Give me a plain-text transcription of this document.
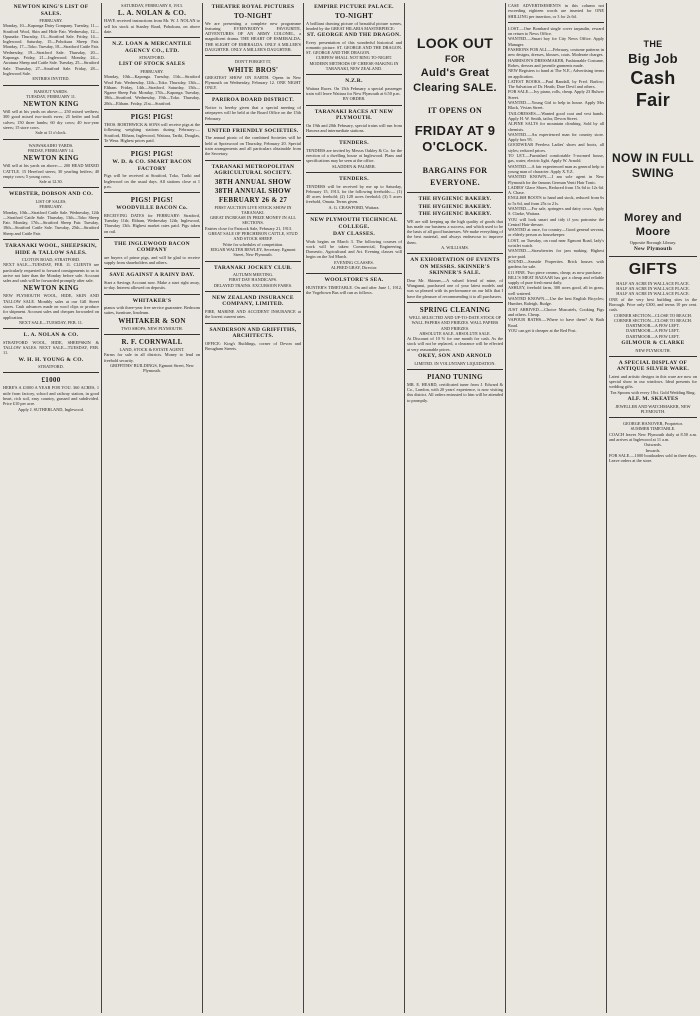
NEWTON KING'S LIST OF SALES.
FEBRUARY.

Monday, 10—Kaponga Dairy Company. Tuesday, 11—Stratford Wool, Skin and Hide Fair. Wednesday, 12—Opunake. Thursday, 13—Stratford Sale. Friday, 14—Inglewood. Saturday, 15—Pohokura Sheep Fair. Monday, 17—Toko. Tuesday, 18—Stratford Cattle Fair. Wednesday, 19—Stratford Sale. Thursday, 20—Kaponga. Friday, 21—Inglewood. Monday, 24—Awatuna Sheep and Cattle Sale. Tuesday, 25—Stratford Sale. Thursday, 27—Stratford Sale. Friday, 28—Inglewood Sale.

ENTRIES INVITED.

BAROUT YARDS.
TUESDAY, FEBRUARY 11.
NEWTON KING

Will sell at his yards on above:— 250 mixed wethers; 300 good mixed two-tooth ewes; 25 heifer and bull calves; 150 three lambs; 60 dry cows; 40 two-year steers; 15 store cows.

Sale at 11 o'clock.

WAIWAKAIHO YARDS.
FRIDAY, FEBRUARY 14.
NEWTON KING

Will sell at his yards on above:— 200 HEAD MIXED CATTLE. 15 Hereford steers; 30 yearling heifers; 40 empty cows; 5 young cows.

Sale at 12.30.

WEBSTER, DOBSON AND CO.
LIST OF SALES.
FEBRUARY.

Monday, 10th—Stratford Cattle Sale. Wednesday, 12th—Stratford Cattle Sale. Thursday, 13th—Toko Sheep Fair. Monday, 17th—Stratford Sheep Fair. Tuesday, 18th—Stratford Cattle Sale. Tuesday, 25th—Stratford Sheep and Cattle Fair.

TARANAKI WOOL, SHEEPSKIN, HIDE & TALLOW SALES.
CLOTON ROAD, STRATFORD.

NEXT SALE—TUESDAY, FEB. 11. CLIENTS are particularly requested to forward consignments to us to arrive not later than the Monday before sale. Account sales and cash will be forwarded promptly after sale.

NEWTON KING

NEW PLYMOUTH WOOL, HIDE, SKIN AND TALLOW SALE. Monthly sales at our Gill Street stores. Cash advances made on wool clips or produce for shipment. Account sales and cheques forwarded on application.

NEXT SALE—TUESDAY, FEB. 11.

L. A. NOLAN & CO.

STRATFORD WOOL, HIDE, SHEEPSKIN & TALLOW SALES. NEXT SALE—TUESDAY, FEB. 11.

W. H. H. YOUNG & CO.
STRATFORD.
£1000

HERE'S A £1000 A YEAR FOR YOU. 360 ACRES, 1 mile from factory, school and railway station, in good heart, rich soil, easy country, grassed and subdivided. Price £10 per acre.

Apply J. SUTHERLAND, Inglewood.

SATURDAY, FEBRUARY 8, 1913.
L. A. NOLAN & CO.

HAVE received instructions from Mr. W. J. NOLAN to sell his stock at Stanley Road, Pohokura, on above date.

N.Z. LOAN & MERCANTILE AGENCY CO., LTD.
STRATFORD.
LIST OF STOCK SALES
FEBRUARY.

Monday, 10th—Kaponga. Tuesday, 11th—Stratford Wool Fair. Wednesday, 12th—Toko. Thursday, 13th—Eltham. Friday, 14th—Stratford. Saturday, 15th—Ngaere Sheep Fair. Monday, 17th—Kaponga. Tuesday, 18th—Stratford. Wednesday, 19th—Toko. Thursday, 20th—Eltham. Friday, 21st—Stratford.

PIGS! PIGS!

THOS. BORTHWICK & SONS will receive pigs at the following weighing stations during February:— Stratford, Eltham, Inglewood, Waitara, Tariki, Douglas, Te Wera. Highest prices paid.

PIGS! PIGS!
W. D. & CO. SMART BACON FACTORY

Pigs will be received at Stratford, Toko, Tariki and Inglewood on the usual days. All stations close at 1 p.m.

PIGS! PIGS!
WOODVILLE BACON Co.

RECEIVING DATES for FEBRUARY: Stratford, Tuesday 11th; Eltham, Wednesday 12th; Inglewood, Thursday 13th. Highest market rates paid. Pigs taken on rail.

THE INGLEWOOD BACON COMPANY

are buyers of prime pigs, and will be glad to receive supply from shareholders and others.

SAVE AGAINST A RAINY DAY.

Start a Savings Account now. Make a start right away, to-day. Interest allowed on deposits.

WHITAKER'S

pianos with three-year free service guarantee. Bedroom suites, furniture, linoleum.

WHITAKER & SON
TWO SHOPS, NEW PLYMOUTH.
R. F. CORNWALL
LAND, STOCK & ESTATE AGENT.

Farms for sale in all districts. Money to lend on freehold security.

GRIFFITHS' BUILDINGS, Egmont Street, New Plymouth.

THEATRE ROYAL PICTURES
TO-NIGHT

We are presenting a complete new programme featuring EVERYBODY'S FAVOURITE, ADVENTURES OF AN ARMY COLONEL, a magnificent drama. THE HEART OF ESMERALDA. THE SLIGHT OF EMERALDA. ONLY A MILLER'S DAUGHTER. ONLY A MILLER'S DAUGHTER.

DON'T FORGET IT,
WHITE BROS'

GREATEST SHOW ON EARTH. Opens in New Plymouth on Wednesday, February 12. ONE NIGHT ONLY.

PARIROA BOARD DISTRICT.

Notice is hereby given that a special meeting of ratepayers will be held at the Board Office on the 15th February.

UNITED FRIENDLY SOCIETIES.

The annual picnic of the combined Societies will be held at Spotswood on Thursday, February 20. Special train arrangements and all particulars obtainable from the Secretary.

TARANAKI METROPOLITAN AGRICULTURAL SOCIETY.
38TH ANNUAL SHOW
38TH ANNUAL SHOW
FEBRUARY 26 & 27

FIRST AUCTION LIVE STOCK SHOW IN TARANAKI.

GREAT INCREASE IN PRIZE MONEY IN ALL SECTIONS.

Entries close for Fatstock Sale, February 21, 1913.

GREAT SALE OF PERCHERON CATTLE, STUD AND STOCK SHEEP.

Write for schedules of competition.

EDGAR WALTER BEWLEY, Secretary. Egmont Street, New Plymouth.

TARANAKI JOCKEY CLUB.
AUTUMN MEETING.
FIRST DAY HANDICAPS.

DELAYED TRAINS. EXCURSION FARES.

NEW ZEALAND INSURANCE COMPANY, LIMITED.

FIRE, MARINE AND ACCIDENT INSURANCE at the lowest current rates.

SANDERSON AND GRIFFITHS, ARCHITECTS.

OFFICE: King's Buildings, corner of Devon and Brougham Streets.

EMPIRE PICTURE PALACE.
TO-NIGHT

A brilliant drawing picture of beautiful picture scenes, headed by the GREAT HILARIA MASTERPIECE:

ST. GEORGE AND THE DRAGON.

Every presentation of this wonderful historical and romantic picture. ST. GEORGE AND THE DRAGON. ST. GEORGE AND THE DRAGON.

CURFEW SHALL NOT RING TO-NIGHT.

MODERN METHODS OF CHEESE-MAKING IN TARANAKI, NEW ZEALAND.

N.Z.R.

Waitara Races. On 15th February a special passenger train will leave Waitara for New Plymouth at 6.50 p.m.

BY ORDER.

TARANAKI RACES AT NEW PLYMOUTH.

On 19th and 20th February, special trains will run from Hawera and intermediate stations.

TENDERS.

TENDERS are invited by Messrs Oakley & Co. for the erection of a dwelling house at Inglewood. Plans and specifications may be seen at the office.

SLADDEN & PALMER.

TENDERS.

TENDERS will be received by me up to Saturday, February 15, 1913, for the following freeholds:— (1) 40 acres freehold; (2) 128 acres freehold; (3) 5 acres freehold, Omata. Terms given.

A. G. CRAWFORD, Waitara.

NEW PLYMOUTH TECHNICAL COLLEGE.
DAY CLASSES.

Work begins on March 3. The following courses of work will be taken: Commercial, Engineering, Domestic, Agricultural and Art. Evening classes will begin on the 3rd March.

EVENING CLASSES.

ALFRED GRAY, Director.

WOOLSTORE'S SEA.

HUNTER'S TIMETABLE. On and after June 1, 1912, the Vogeltown Bus will run as follows.

LOOK OUT
FOR
Auld's Great
Clearing SALE.
IT OPENS ON
FRIDAY AT 9 O'CLOCK.
BARGAINS FOR EVERYONE.
THE HYGIENIC BAKERY.
THE HYGIENIC BAKERY.
THE HYGIENIC BAKERY.

WE are still keeping up the high quality of goods that has made our business a success, and which used to be the basis of all good businesses. We make everything of the best material, and always endeavour to improve them.

A. WILLIAMS.

AN EXHORTATION OF EVENTS ON MESSRS. SKINNER'S SKINNER'S SALE.

Dear Mr. Skinner,—A valued friend of mine, of Wanganui, purchased one of your latest models and was so pleased with its performance on our hills that I have the pleasure of recommending it to all purchasers.

SPRING CLEANING

WELL SELECTED AND UP-TO-DATE STOCK OF WALL PAPERS AND FRIEZES. WALL PAPERS AND FRIEZES.

ABSOLUTE SALE. ABSOLUTE SALE.

At Discount of 10 % for one month for cash. As the stock will not be replaced, a clearance will be effected at very reasonable prices.

OKEY, SON AND ARNOLD
LIMITED. IN VOLUNTARY LIQUIDATION.
PIANO TUNING

MR. E. HEARD, certificated tuner from J. Edward & Co., London, with 20 years' experience, is now visiting this district. All orders entrusted to him will be attended to promptly.

CASE ADVERTISEMENTS in this column not exceeding eighteen words are inserted for ONE SHILLING per insertion, or 3 for 2s 6d.

LOST.—One Bombard single cover tarpaulin, reward on return to News Office.

WANTED.—Smart boy for City News Office. Apply Manager.

FASHIONS FOR ALL.—February, costume patterns in new designs, dresses, blouses, coats. Moderate charges.

HARRISON'S DRESSMAKER, Fashionable Costume, Robes, dresses and juvenile garments made.

NEW Registers to hand at The N.E.; Advertising terms on application.

LATEST BOOKS.—Paul Randall, by Fred. Barlow; The Salvation of Dr. Heath; Dare Devil and others.

FOR SALE.—Ivy piano, rolls, cheap. Apply 23 Bulwer Street.

WANTED.—Young Girl to help in house. Apply Mrs Black, Vivian Street.

TAILORESSES.—Wanted good coat and vest hands. Apply H. W. Smith, tailor, Devon Street.

ALPINE SALTS for mountain climbing. Sold by all chemists.

WANTED.—An experienced man for country store. Apply box 95.

GOODWEAR Peerless Ladies' shoes and boots, all styles; reduced prices.

TO LET.—Furnished comfortable 5-roomed house, gas, water, electric light. Apply W. Arnold.

WANTED.—A fair experienced man as general help to young man of character. Apply X.Y.Z.

WANTED KNOWN.—I am sole agent in New Plymouth for the famous German Venti Hair Tonic.

LADIES' Glace Shoes, Reduced from 15s 6d to 12s 6d. A. Chase.

ENGLISH BOOTS to hand and stock, reduced from 6s to 5s 6d, and from 25s to 21s.

WANTED.—For sale, springers and dairy cows. Apply S. Clarke, Waitara.

YOU will look smart and tidy if you patronise the Central Hair-dresser.

WANTED at once, for country—Good general servant, or elderly person as housekeeper.

LOST, on Tuesday, on road near Egmont Road, lady's wristlet watch.

WANTED.—Strawberries for jam making. Highest price paid.

SOUND.—Seaside Properties. Brick houses with gardens for sale.

£11 FINE. Two piece creams, cheap; as now purchase.

BILL'S MEAT BAZAAR has got a cheap and reliable supply of pure fresh meat daily.

ASHLEY, freehold farm, 300 acres good, all in grass, well watered.

WANTED KNOWN.—Use the best English Bicycles; Humber, Raleigh, Rudge.

JUST ARRIVED.—Choice Muscatels, Cooking Figs and others. Cheap.

VAPOUR BATHS.—Where to have them? At Bath Road.

YOU can get it cheaper at the Red Post.

THE
Big Job
Cash
Fair
NOW IN FULL SWING
Morey and Moore
Opposite Borough Library.
New Plymouth
GIFTS

HALF AN ACRE IN WALLACE PLACE.

HALF AN ACRE IN WALLACE PLACE.

HALF AN ACRE IN WALLACE PLACE.

ONE of the very best building sites in the Borough. Price only £300, and terms 10 per cent. cash.

CORNER SECTION—CLOSE TO BEACH.

CORNER SECTION—CLOSE TO BEACH.

DARTMOOR—A FEW LEFT.

DARTMOOR—A FEW LEFT.

DARTMOOR—A FEW LEFT.

GILMOUR & CLARKE
NEW PLYMOUTH.
A SPECIAL DISPLAY OF ANTIQUE SILVER WARE.

Latest and artistic designs in this ware are now on special show in our windows. Ideal presents for wedding gifts.

Tea Spoons with every 18ct. Gold Wedding Ring.

ALF. M. SKEATES
JEWELLER AND WATCHMAKER, NEW PLYMOUTH.
GEORGE HANOVER, Proprietor.
SUMMER TIMETABLE.

COACH leaves New Plymouth daily at 8.50 a.m. and arrives at Inglewood at 11 a.m.

Outwards.

Inwards.

FOR SALE.—1000 boatloaders sold in three days. Leave orders at the store.
